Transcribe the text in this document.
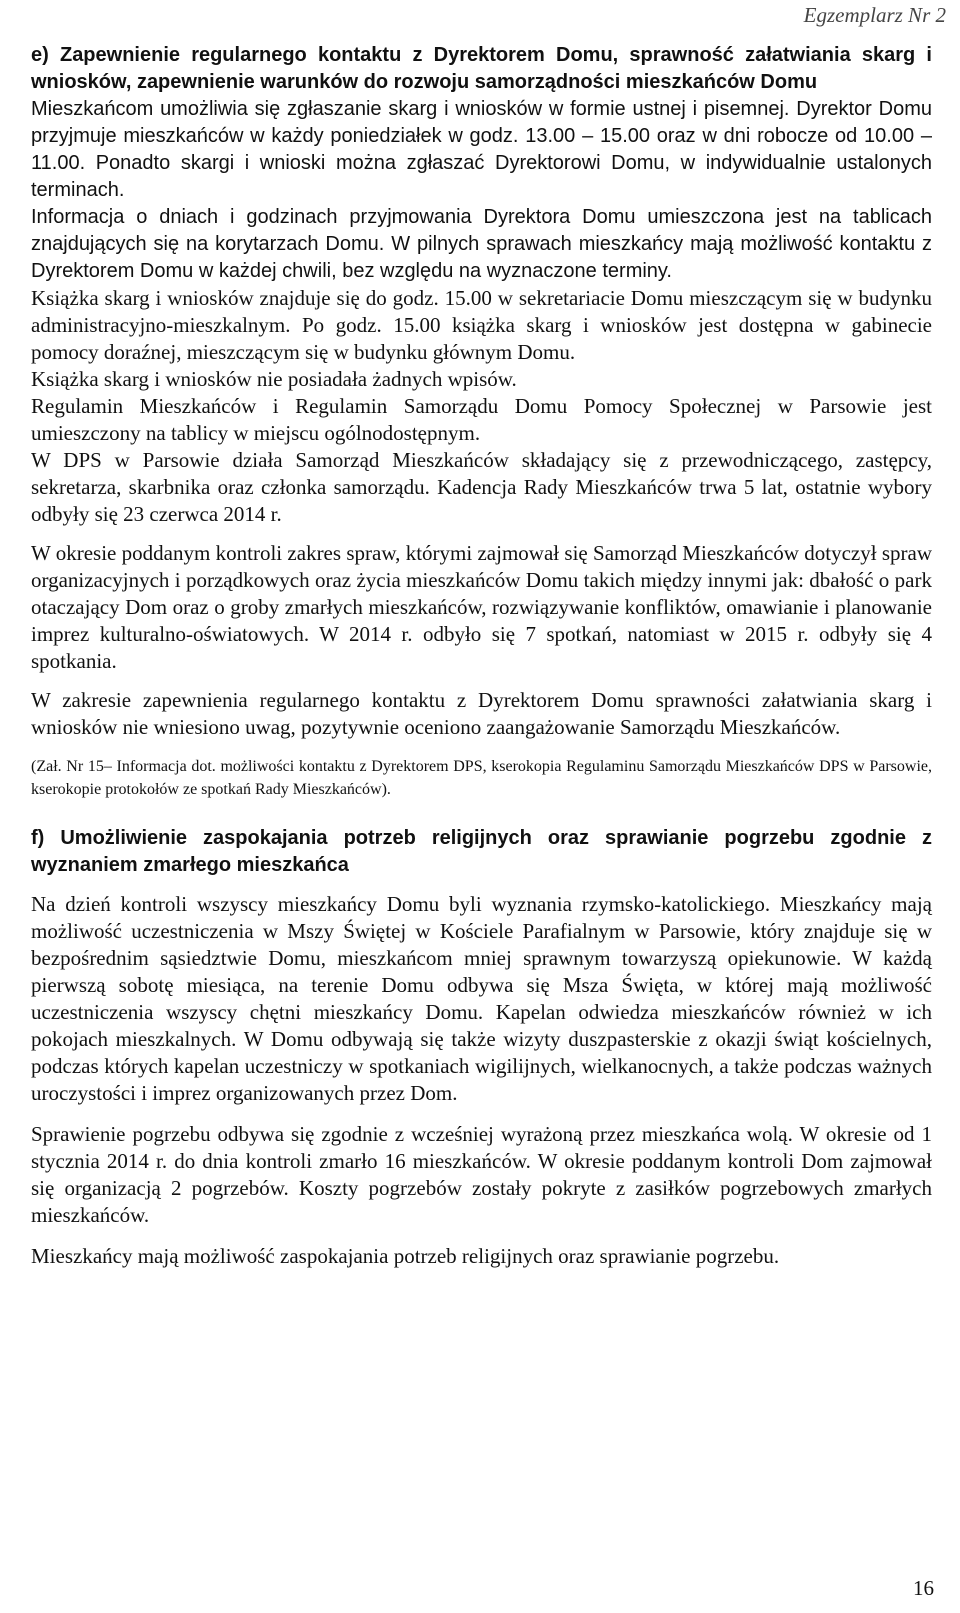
Egzemplarz Nr 2
e) Zapewnienie regularnego kontaktu z Dyrektorem Domu, sprawność załatwiania skarg i wniosków, zapewnienie warunków do rozwoju samorządności mieszkańców Domu

Mieszkańcom umożliwia się zgłaszanie skarg i wniosków w formie ustnej i pisemnej. Dyrektor Domu przyjmuje mieszkańców w każdy poniedziałek w godz. 13.00 – 15.00 oraz w dni robocze od 10.00 – 11.00. Ponadto skargi i wnioski można zgłaszać Dyrektorowi Domu, w indywidualnie ustalonych terminach.

Informacja o dniach i godzinach przyjmowania Dyrektora Domu umieszczona jest na tablicach znajdujących się na korytarzach Domu. W pilnych sprawach mieszkańcy mają możliwość kontaktu z Dyrektorem Domu w każdej chwili, bez względu na wyznaczone terminy.

Książka skarg i wniosków znajduje się do godz. 15.00 w sekretariacie Domu mieszczącym się w budynku administracyjno-mieszkalnym. Po godz. 15.00 książka skarg i wniosków jest dostępna w gabinecie pomocy doraźnej, mieszczącym się w budynku głównym Domu.

Książka skarg i wniosków nie posiadała żadnych wpisów.

Regulamin Mieszkańców i Regulamin Samorządu Domu Pomocy Społecznej w Parsowie jest umieszczony na tablicy w miejscu ogólnodostępnym.

W DPS w Parsowie działa Samorząd Mieszkańców składający się z przewodniczącego, zastępcy, sekretarza, skarbnika oraz członka samorządu. Kadencja Rady Mieszkańców trwa 5 lat, ostatnie wybory odbyły się 23 czerwca 2014 r.

W okresie poddanym kontroli zakres spraw, którymi zajmował się Samorząd Mieszkańców dotyczył spraw organizacyjnych i porządkowych oraz życia mieszkańców Domu takich między innymi jak: dbałość o park otaczający Dom oraz o groby zmarłych mieszkańców, rozwiązywanie konfliktów, omawianie i planowanie imprez kulturalno-oświatowych. W 2014 r. odbyło się 7 spotkań, natomiast w 2015 r. odbyły się 4 spotkania.

W zakresie zapewnienia regularnego kontaktu z Dyrektorem Domu sprawności załatwiania skarg i wniosków nie wniesiono uwag, pozytywnie oceniono zaangażowanie Samorządu Mieszkańców.

(Zał. Nr 15– Informacja dot. możliwości kontaktu z Dyrektorem DPS, kserokopia Regulaminu Samorządu Mieszkańców DPS w Parsowie, kserokopie protokołów ze spotkań Rady Mieszkańców).

f) Umożliwienie zaspokajania potrzeb religijnych oraz sprawianie pogrzebu zgodnie z wyznaniem zmarłego mieszkańca

Na dzień kontroli wszyscy mieszkańcy Domu byli wyznania rzymsko-katolickiego. Mieszkańcy mają możliwość uczestniczenia w Mszy Świętej w Kościele Parafialnym w Parsowie, który znajduje się w bezpośrednim sąsiedztwie Domu, mieszkańcom mniej sprawnym towarzyszą opiekunowie. W każdą pierwszą sobotę miesiąca, na terenie Domu odbywa się Msza Święta, w której mają możliwość uczestniczenia wszyscy chętni mieszkańcy Domu. Kapelan odwiedza mieszkańców również w ich pokojach mieszkalnych. W Domu odbywają się także wizyty duszpasterskie z okazji świąt kościelnych, podczas których kapelan uczestniczy w spotkaniach wigilijnych, wielkanocnych, a także podczas ważnych uroczystości i imprez organizowanych przez Dom.

Sprawienie pogrzebu odbywa się zgodnie z wcześniej wyrażoną przez mieszkańca wolą. W okresie od 1 stycznia 2014 r. do dnia kontroli zmarło 16 mieszkańców. W okresie poddanym kontroli Dom zajmował się organizacją 2 pogrzebów. Koszty pogrzebów zostały pokryte z zasiłków pogrzebowych zmarłych mieszkańców.

Mieszkańcy mają możliwość zaspokajania potrzeb religijnych oraz sprawianie pogrzebu.

16
